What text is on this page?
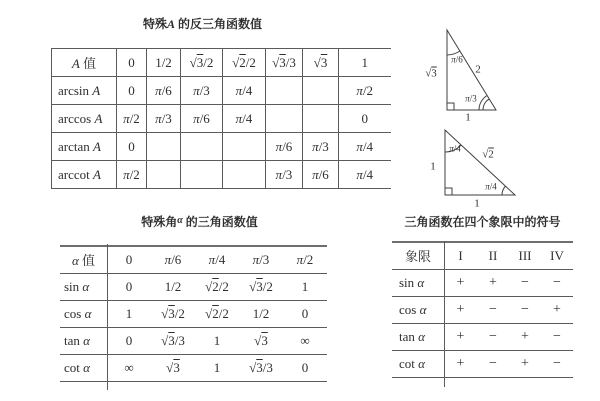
特殊A 的反三角函数值
A 值	0	1/2	√3/2	√2/2	√3/3	√3	1
arcsin A	0	π/6	π/3	π/4			π/2
arccos A	π/2	π/3	π/6	π/4			0
arctan A	0				π/6	π/3	π/4
arccot A	π/2				π/3	π/6	π/4
√3
π/6
2
π/3
1
π/4 √2
1
π/4
1
特殊角$^\alpha$ 的三角函数值
α 值	0	π/6	π/4	π/3	π/2
sin α	0	1/2	√2/2	√3/2	1
cos α	1	√3/2	√2/2	1/2	0
tan α	0	√3/3	1	√3	∞
cot α	∞	√3	1	√3/3	0
三角函数在四个象限中的符号
象限	I	II	III	IV
sin α	+	+	−	−
cos α	+	−	−	+
tan α	+	−	+	−
cot α	+	−	+	−
